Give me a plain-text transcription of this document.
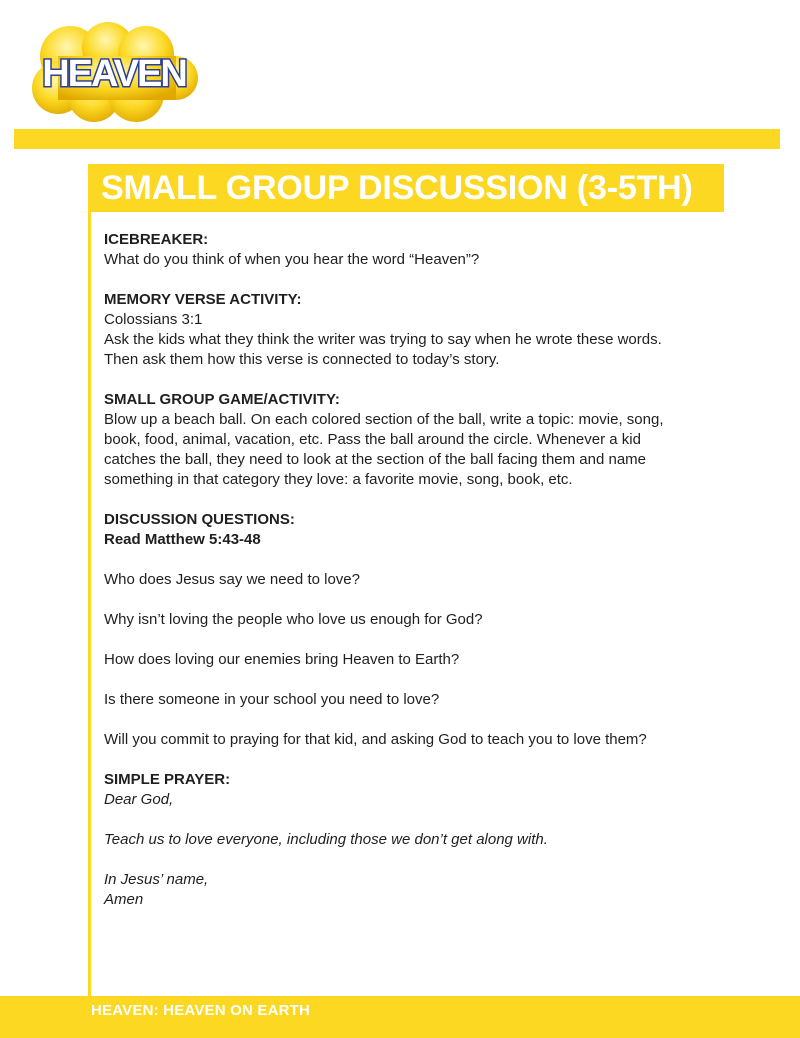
HEAVEN
SMALL GROUP DISCUSSION (3-5TH)
ICEBREAKER:
What do you think of when you hear the word “Heaven”?
MEMORY VERSE ACTIVITY:
Colossians 3:1
Ask the kids what they think the writer was trying to say when he wrote these words.
Then ask them how this verse is connected to today’s story.
SMALL GROUP GAME/ACTIVITY:
Blow up a beach ball. On each colored section of the ball, write a topic: movie, song,
book, food, animal, vacation, etc. Pass the ball around the circle. Whenever a kid
catches the ball, they need to look at the section of the ball facing them and name
something in that category they love: a favorite movie, song, book, etc.
DISCUSSION QUESTIONS:
Read Matthew 5:43-48
Who does Jesus say we need to love?
Why isn’t loving the people who love us enough for God?
How does loving our enemies bring Heaven to Earth?
Is there someone in your school you need to love?
Will you commit to praying for that kid, and asking God to teach you to love them?
SIMPLE PRAYER:
Dear God,
Teach us to love everyone, including those we don’t get along with.
In Jesus’ name,
Amen
HEAVEN: HEAVEN ON EARTH
